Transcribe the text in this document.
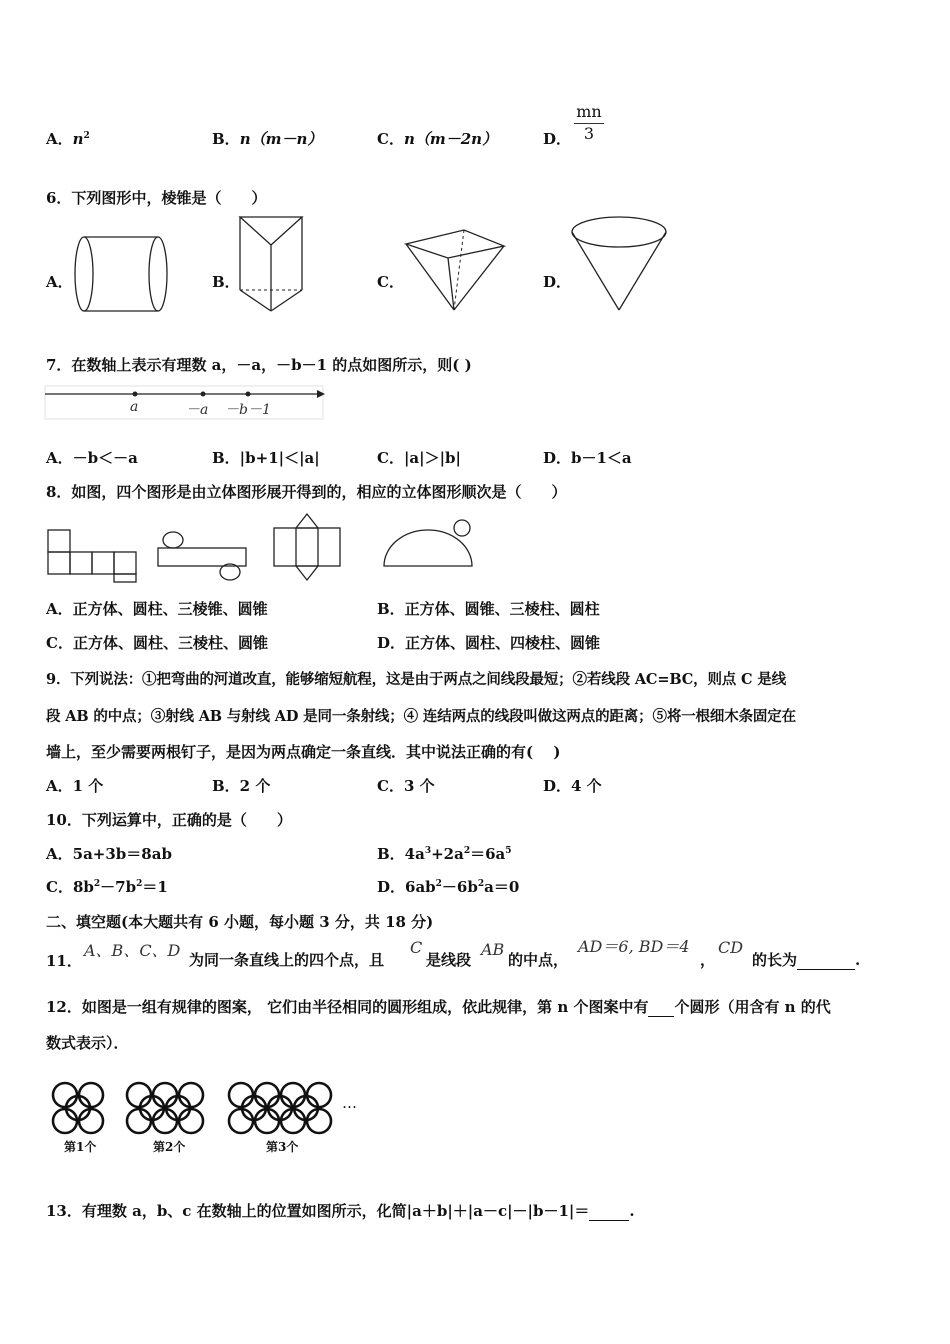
A．$n^2$	B．n（m－n）	C．n（m－2n）	D．
mn
3
6．下列图形中，棱锥是（　　）
A．	B．	C．	D．
7．在数轴上表示有理数 a，－a，－b－1 的点如图所示，则( )
a	－a －b－1
A．－b＜－a	B．|b+1|＜|a|	C．|a|＞|b|	D．b－1＜a
8．如图，四个图形是由立体图形展开得到的，相应的立体图形顺次是（　　）
A．正方体、圆柱、三棱锥、圆锥	B．正方体、圆锥、三棱柱、圆柱
C．正方体、圆柱、三棱柱、圆锥	D．正方体、圆柱、四棱柱、圆锥
9．下列说法：①把弯曲的河道改直，能够缩短航程，这是由于两点之间线段最短；②若线段 AC=BC，则点 C 是线
段 AB 的中点；③射线 AB 与射线 AD 是同一条射线；④ 连结两点的线段叫做这两点的距离；⑤将一根细木条固定在
墙上，至少需要两根钉子，是因为两点确定一条直线．其中说法正确的有(　 )
A．1 个	B．2 个	C．3 个	D．4 个
10．下列运算中，正确的是（　　）
A．5a+3b＝8ab	B．$4a^3+2a^2=6a^5$
C．$8b^2-7b^2=1$	D．$6ab^2-6b^2a=0$
二、填空题(本大题共有 6 小题，每小题 3 分，共 18 分)
11．
A、B、C、D 为同一条直线上的四个点，且
C
是线段
AB
的中点，
AD＝6, BD＝4
，
CD
的长为	.
12．如图是一组有规律的图案， 它们由半径相同的圆形组成，依此规律，第 n 个图案中有 个圆形（用含有 n 的代
数式表示）．
…
第1个	第2个	第3个
13．有理数 a，b、c 在数轴上的位置如图所示，化简|a＋b|＋|a－c|－|b－1|＝	.
